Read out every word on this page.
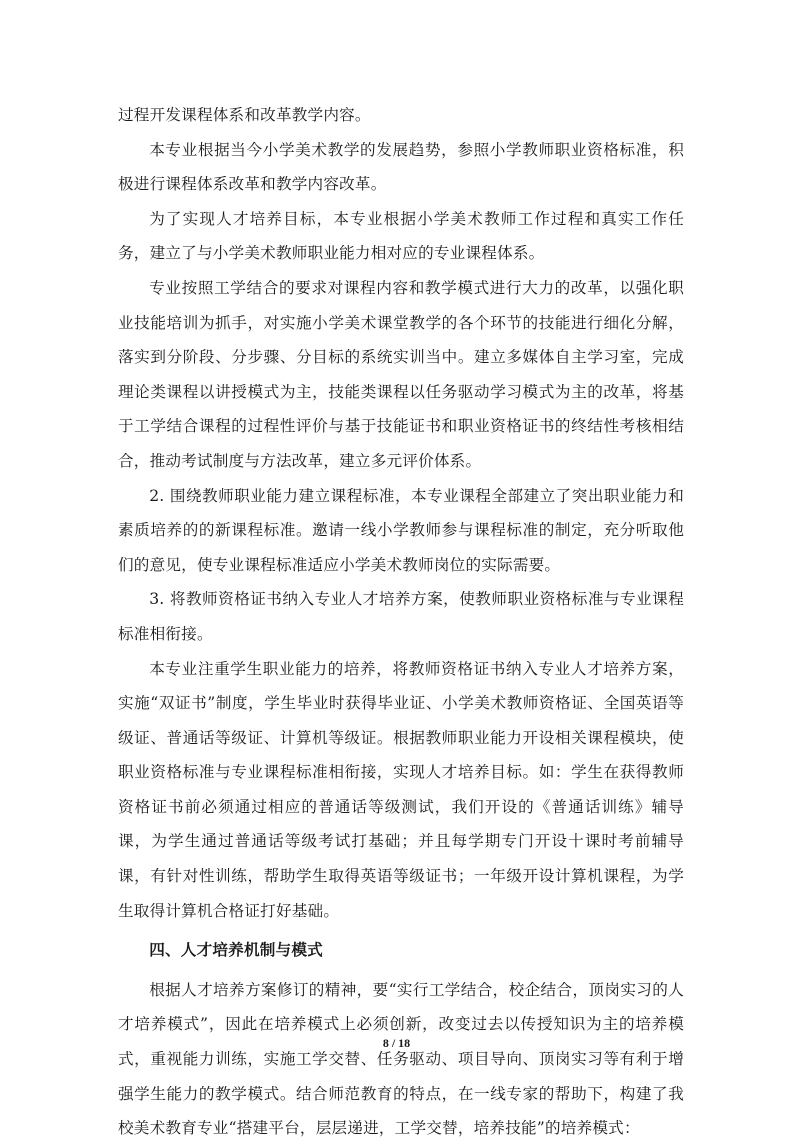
过程开发课程体系和改革教学内容。

本专业根据当今小学美术教学的发展趋势，参照小学教师职业资格标准，积极进行课程体系改革和教学内容改革。

为了实现人才培养目标，本专业根据小学美术教师工作过程和真实工作任务，建立了与小学美术教师职业能力相对应的专业课程体系。

专业按照工学结合的要求对课程内容和教学模式进行大力的改革，以强化职业技能培训为抓手，对实施小学美术课堂教学的各个环节的技能进行细化分解，落实到分阶段、分步骤、分目标的系统实训当中。建立多媒体自主学习室，完成理论类课程以讲授模式为主，技能类课程以任务驱动学习模式为主的改革，将基于工学结合课程的过程性评价与基于技能证书和职业资格证书的终结性考核相结合，推动考试制度与方法改革，建立多元评价体系。

2. 围绕教师职业能力建立课程标准，本专业课程全部建立了突出职业能力和素质培养的的新课程标准。邀请一线小学教师参与课程标准的制定，充分听取他们的意见，使专业课程标准适应小学美术教师岗位的实际需要。

3. 将教师资格证书纳入专业人才培养方案，使教师职业资格标准与专业课程标准相衔接。

本专业注重学生职业能力的培养，将教师资格证书纳入专业人才培养方案，实施“双证书”制度，学生毕业时获得毕业证、小学美术教师资格证、全国英语等级证、普通话等级证、计算机等级证。根据教师职业能力开设相关课程模块，使职业资格标准与专业课程标准相衔接，实现人才培养目标。如：学生在获得教师资格证书前必须通过相应的普通话等级测试，我们开设的《普通话训练》辅导课，为学生通过普通话等级考试打基础；并且每学期专门开设十课时考前辅导课，有针对性训练，帮助学生取得英语等级证书；一年级开设计算机课程，为学生取得计算机合格证打好基础。

四、人才培养机制与模式

根据人才培养方案修订的精神，要“实行工学结合，校企结合，顶岗实习的人才培养模式”，因此在培养模式上必须创新，改变过去以传授知识为主的培养模式，重视能力训练，实施工学交替、任务驱动、项目导向、顶岗实习等有利于增强学生能力的教学模式。结合师范教育的特点，在一线专家的帮助下，构建了我校美术教育专业“搭建平台，层层递进，工学交替，培养技能”的培养模式：

8 / 18
